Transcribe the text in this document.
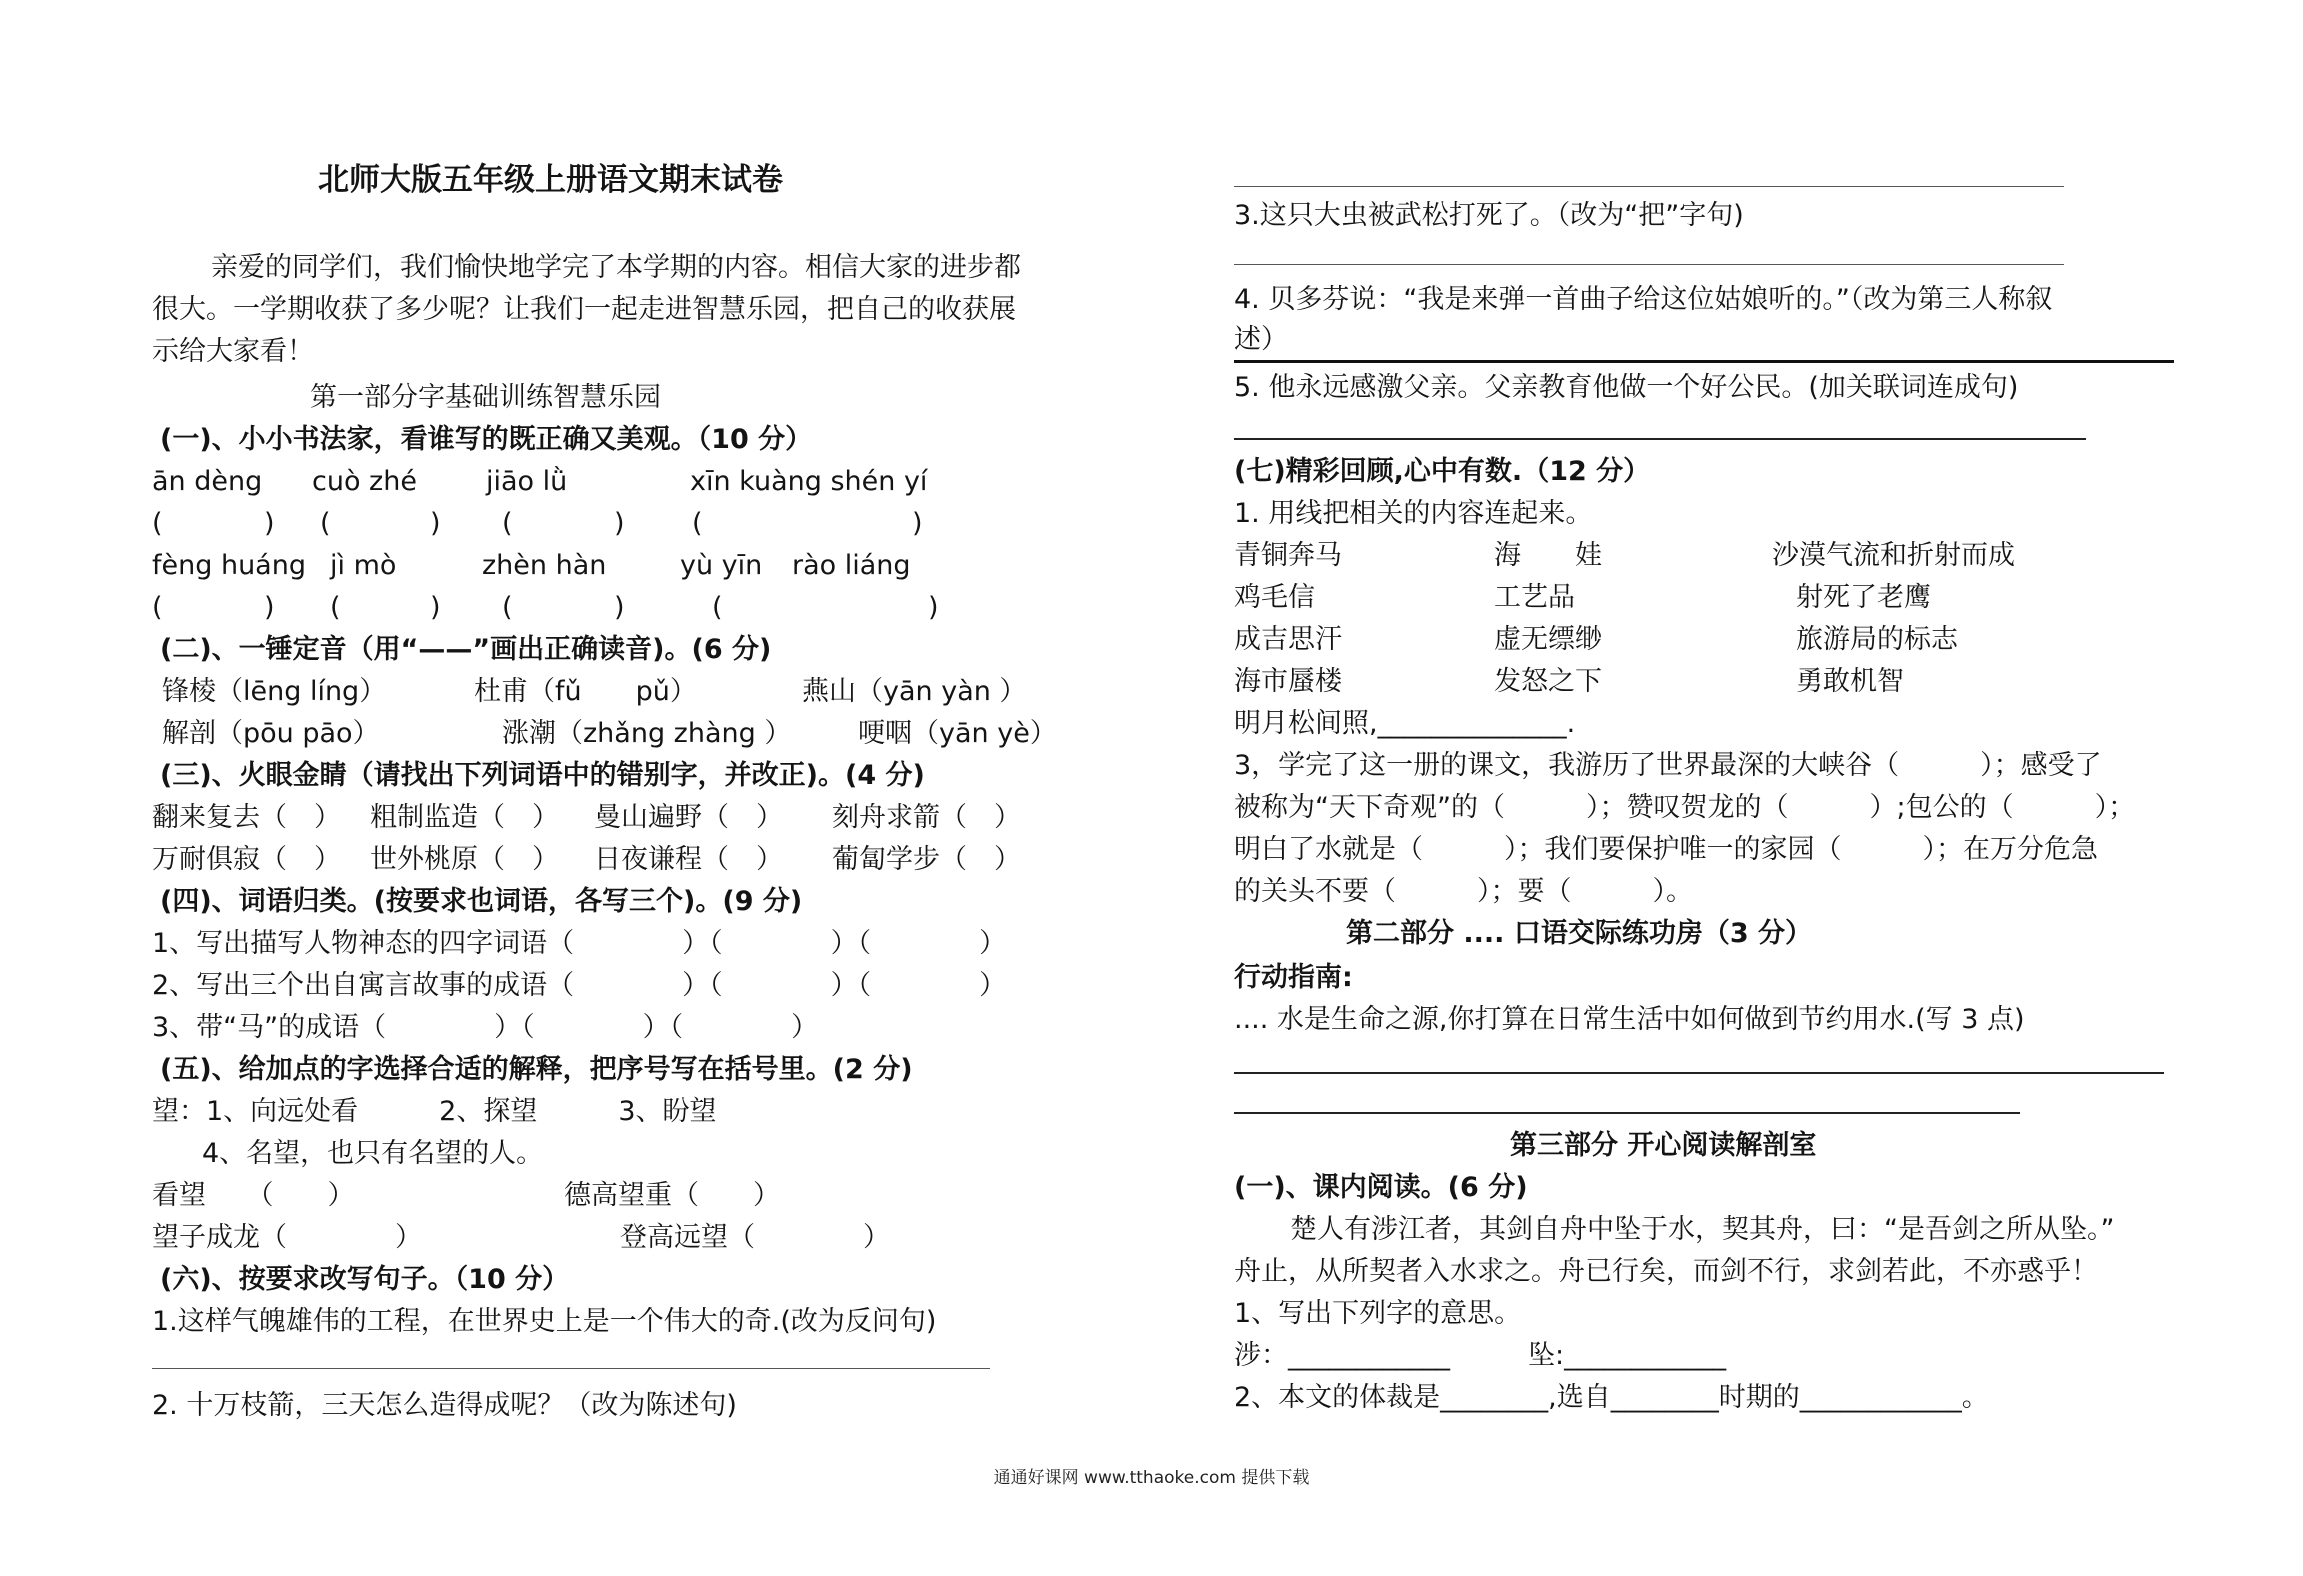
北师大版五年级上册语文期末试卷
亲爱的同学们，我们愉快地学完了本学期的内容。相信大家的进步都
很大。一学期收获了多少呢？让我们一起走进智慧乐园，把自己的收获展
示给大家看！
第一部分字基础训练智慧乐园
(一)、小小书法家，看谁写的既正确又美观。（10 分）
ān dèng cuò zhé	jiāo lǜ	xīn kuàng shén yí
(	) (	) (	) (	)
fèng huáng jì mò	zhèn hàn	yù yīn rào liáng
(	) (	) (	)	(	)
(二)、一锤定音（用“——”画出正确读音)。(6 分)
锋棱（lēng líng）	杜甫（fǔ　　pǔ）	燕山（yān yàn ）
解剖（pōu pāo）	涨潮（zhǎng zhàng ） 哽咽（yān yè）
(三)、火眼金睛（请找出下列词语中的错别字，并改正)。(4 分)
翻来复去（　） 粗制监造（　） 曼山遍野（　） 刻舟求箭（　）
万耐俱寂（　） 世外桃原（　） 日夜谦程（　） 葡匐学步（　）
(四)、词语归类。(按要求也词语，各写三个)。(9 分)
1、写出描写人物神态的四字词语（　　　　）（　　　　）（　　　　）
2、写出三个出自寓言故事的成语（　　　　）（　　　　）（　　　　）
3、带“马”的成语（　　　　）（　　　　）（　　　　）
(五)、给加点的字选择合适的解释，把序号写在括号里。(2 分)
望：1、向远处看　　　2、探望　　　3、盼望
4、名望，也只有名望的人。
看望　　（　　）	德高望重（　　）
望子成龙（　　　　）	登高远望（　　　　）
(六)、按要求改写句子。（10 分）
1.这样气魄雄伟的工程，在世界史上是一个伟大的奇.(改为反问句)
2. 十万枝箭，三天怎么造得成呢？（改为陈述句)
3.这只大虫被武松打死了。（改为“把”字句)
4. 贝多芬说：“我是来弹一首曲子给这位姑娘听的。”（改为第三人称叙
述）
5. 他永远感激父亲。父亲教育他做一个好公民。(加关联词连成句)
(七)精彩回顾,心中有数.（12 分）
1. 用线把相关的内容连起来。
青铜奔马	海　　娃	沙漠气流和折射而成
鸡毛信	工艺品	射死了老鹰
成吉思汗	虚无缥缈	旅游局的标志
海市蜃楼	发怒之下	勇敢机智
明月松间照,______________.
3，学完了这一册的课文，我游历了世界最深的大峡谷（　　　）；感受了
被称为“天下奇观”的（　　　）；赞叹贺龙的（　　　）;包公的（　　　）；
明白了水就是（　　　）；我们要保护唯一的家园（　　　）；在万分危急
的关头不要（　　　）；要（　　　）。
第二部分 .... 口语交际练功房（3 分）
行动指南:
.... 水是生命之源,你打算在日常生活中如何做到节约用水.(写 3 点)
第三部分 开心阅读解剖室
(一)、课内阅读。(6 分)
楚人有涉江者，其剑自舟中坠于水，契其舟，曰：“是吾剑之所从坠。”
舟止，从所契者入水求之。舟已行矣，而剑不行，求剑若此，不亦惑乎！
1、写出下列字的意思。
涉：____________	坠:____________
2、本文的体裁是________,选自________时期的____________。
通通好课网 www.tthaoke.com 提供下载
